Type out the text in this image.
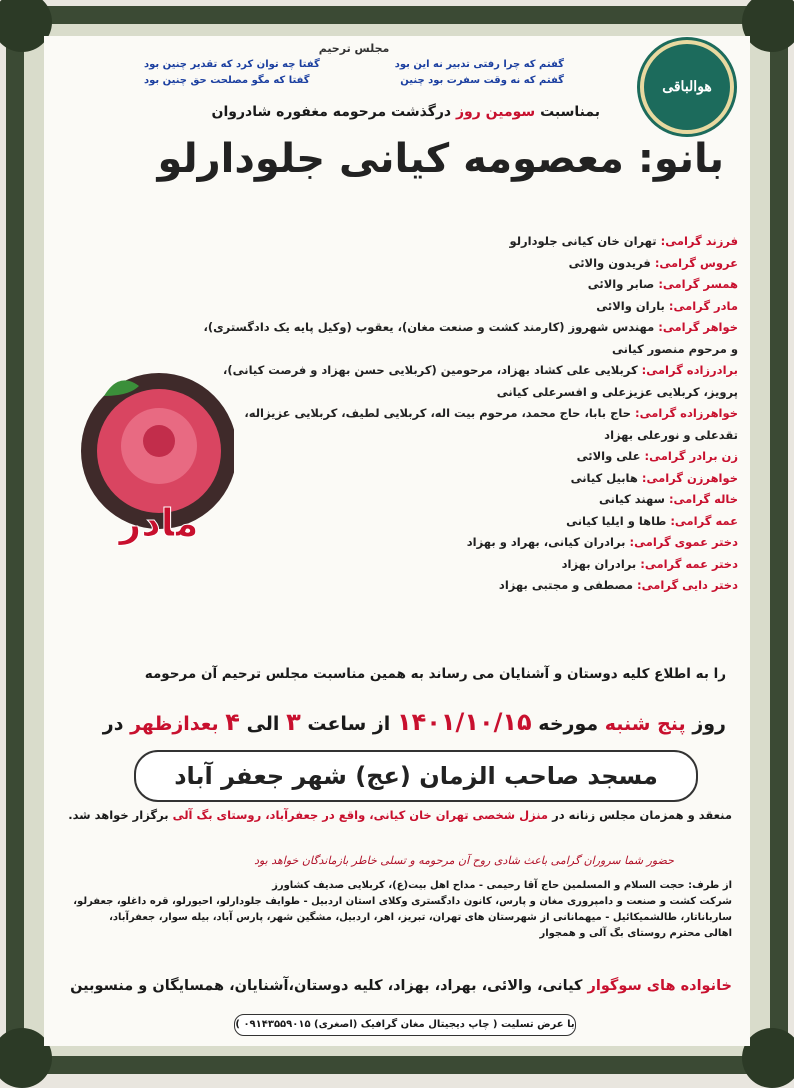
مجلس ترحیم
گفتم که چرا رفتی تدبیر نه این بود
گفتا چه توان کرد که تقدیر چنین بود
گفتم که نه وقت سفرت بود چنین
گفتا که مگو مصلحت حق چنین بود	هوالباقی
بمناسبت سومین روز درگذشت مرحومه مغفوره شادروان
بانو: معصومه کیانی جلودارلو
فرزند گرامی: تهران خان کیانی جلودارلو
عروس گرامی: فریدون والائی
همسر گرامی: صابر والائی
مادر گرامی: باران والائی
خواهر گرامی: مهندس شهروز (کارمند کشت و صنعت مغان)، یعقوب (وکیل پایه یک دادگستری)،
و مرحوم منصور کیانی
برادرزاده گرامی: کربلایی علی کشاد بهزاد، مرحومین (کربلایی حسن بهزاد و فرصت کیانی)،
پرویز، کربلایی عزیزعلی و افسرعلی کیانی
خواهرزاده گرامی: حاج بابا، حاج محمد، مرحوم بیت اله، کربلایی لطیف، کربلایی عزیزاله،
تقدعلی و نورعلی بهزاد
زن برادر گرامی: علی والائی
خواهرزن گرامی: هابیل کیانی
خاله گرامی: سهند کیانی
عمه گرامی: طاها و ایلیا کیانی
دختر عموی گرامی: برادران کیانی، بهراد و بهزاد
دختر عمه گرامی: برادران بهزاد
دختر دایی گرامی: مصطفی و مجتبی بهزاد
مادر
را به اطلاع کلیه دوستان و آشنایان می رساند به همین مناسبت مجلس ترحیم آن مرحومه
روز پنج شنبه مورخه ۱۴۰۱/۱۰/۱۵ از ساعت ۳ الی ۴ بعدازظهر در
مسجد صاحب الزمان (عج) شهر جعفر آباد
منعقد و همزمان مجلس زنانه در منزل شخصی تهران خان کیانی، واقع در جعفرآباد، روستای بگ آلی برگزار خواهد شد.
حضور شما سروران گرامی باعث شادی روح آن مرحومه و تسلی خاطر بازماندگان خواهد بود
از طرف: حجت السلام و المسلمین حاج آقا رحیمی - مداح اهل بیت(ع)، کربلایی صدیف کشاورز
شرکت کشت و صنعت و دامپروری مغان و پارس، کانون دادگستری وکلای استان اردبیل - طوایف جلودارلو، احیورلو، قره داغلو، جعفرلو،
سارباناتار، طالشمیکائیل - میهمانانی از شهرستان های تهران، تبریز، اهر، اردبیل، مشگین شهر، پارس آباد، بیله سوار، جعفرآباد،
اهالی محترم روستای بگ آلی و همجوار
خانواده های سوگوار کیانی، والائی، بهراد، بهزاد، کلیه دوستان،آشنایان، همسایگان و منسوبین
با عرض تسلیت ( چاپ دیجیتال مغان گرافیک (اصغری) ۰۹۱۴۳۵۵۹۰۱۵ )
